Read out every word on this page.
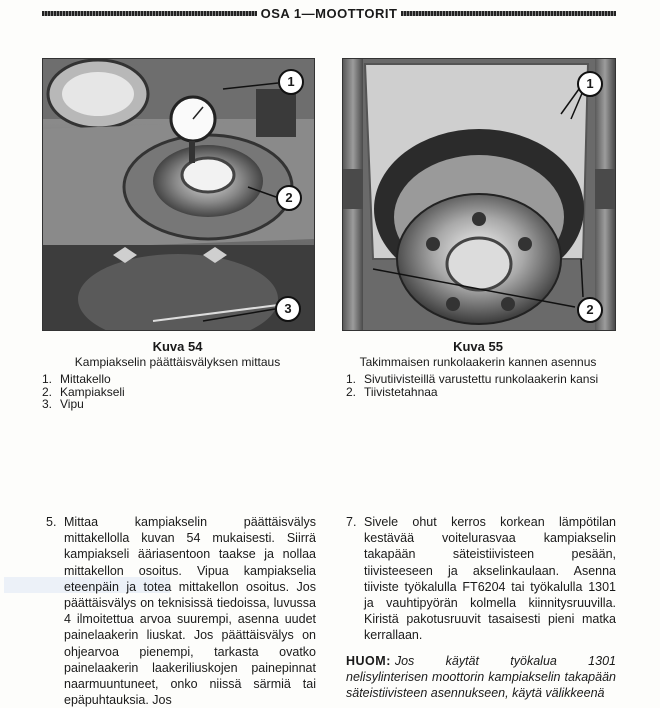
OSA 1—MOOTTORIT
1
2
3
1
2
Kuva 54
Kampiakselin päättäisvälyksen mittaus
1. Mittakello
2. Kampiakseli
3. Vipu
Kuva 55
Takimmaisen runkolaakerin kannen asennus
1. Sivutiivisteillä varustettu runkolaakerin kansi
2. Tiivistetahnaa
5. Mittaa kampiakselin päättäisvälys mittakellolla kuvan 54 mukaisesti. Siirrä kampiakseli ääriasentoon taakse ja nollaa mittakellon osoitus. Vipua kampiakselia eteenpäin ja totea mittakellon osoitus. Jos päättäisvälys on teknisissä tiedoissa, luvussa 4 ilmoitettua arvoa suurempi, asenna uudet painelaakerin liuskat. Jos päättäisvälys on ohjearvoa pienempi, tarkasta ovatko painelaakerin laakeriliuskojen painepinnat naarmuuntuneet, onko niissä särmiä tai epäpuhtauksia. Jos
7. Sivele ohut kerros korkean lämpötilan kestävää voitelurasvaa kampiakselin takapään säteistiivisteen pesään, tiivisteeseen ja akselinkaulaan. Asenna tiiviste työkalulla FT6204 tai työkalulla 1301 ja vauhtipyörän kolmella kiinnitysruuvilla. Kiristä pakotusruuvit tasaisesti pieni matka kerrallaan.
HUOM: Jos käytät työkalua 1301 nelisylinterisen moottorin kampiakselin takapään säteistiivisteen asennukseen, käytä välikkeenä
